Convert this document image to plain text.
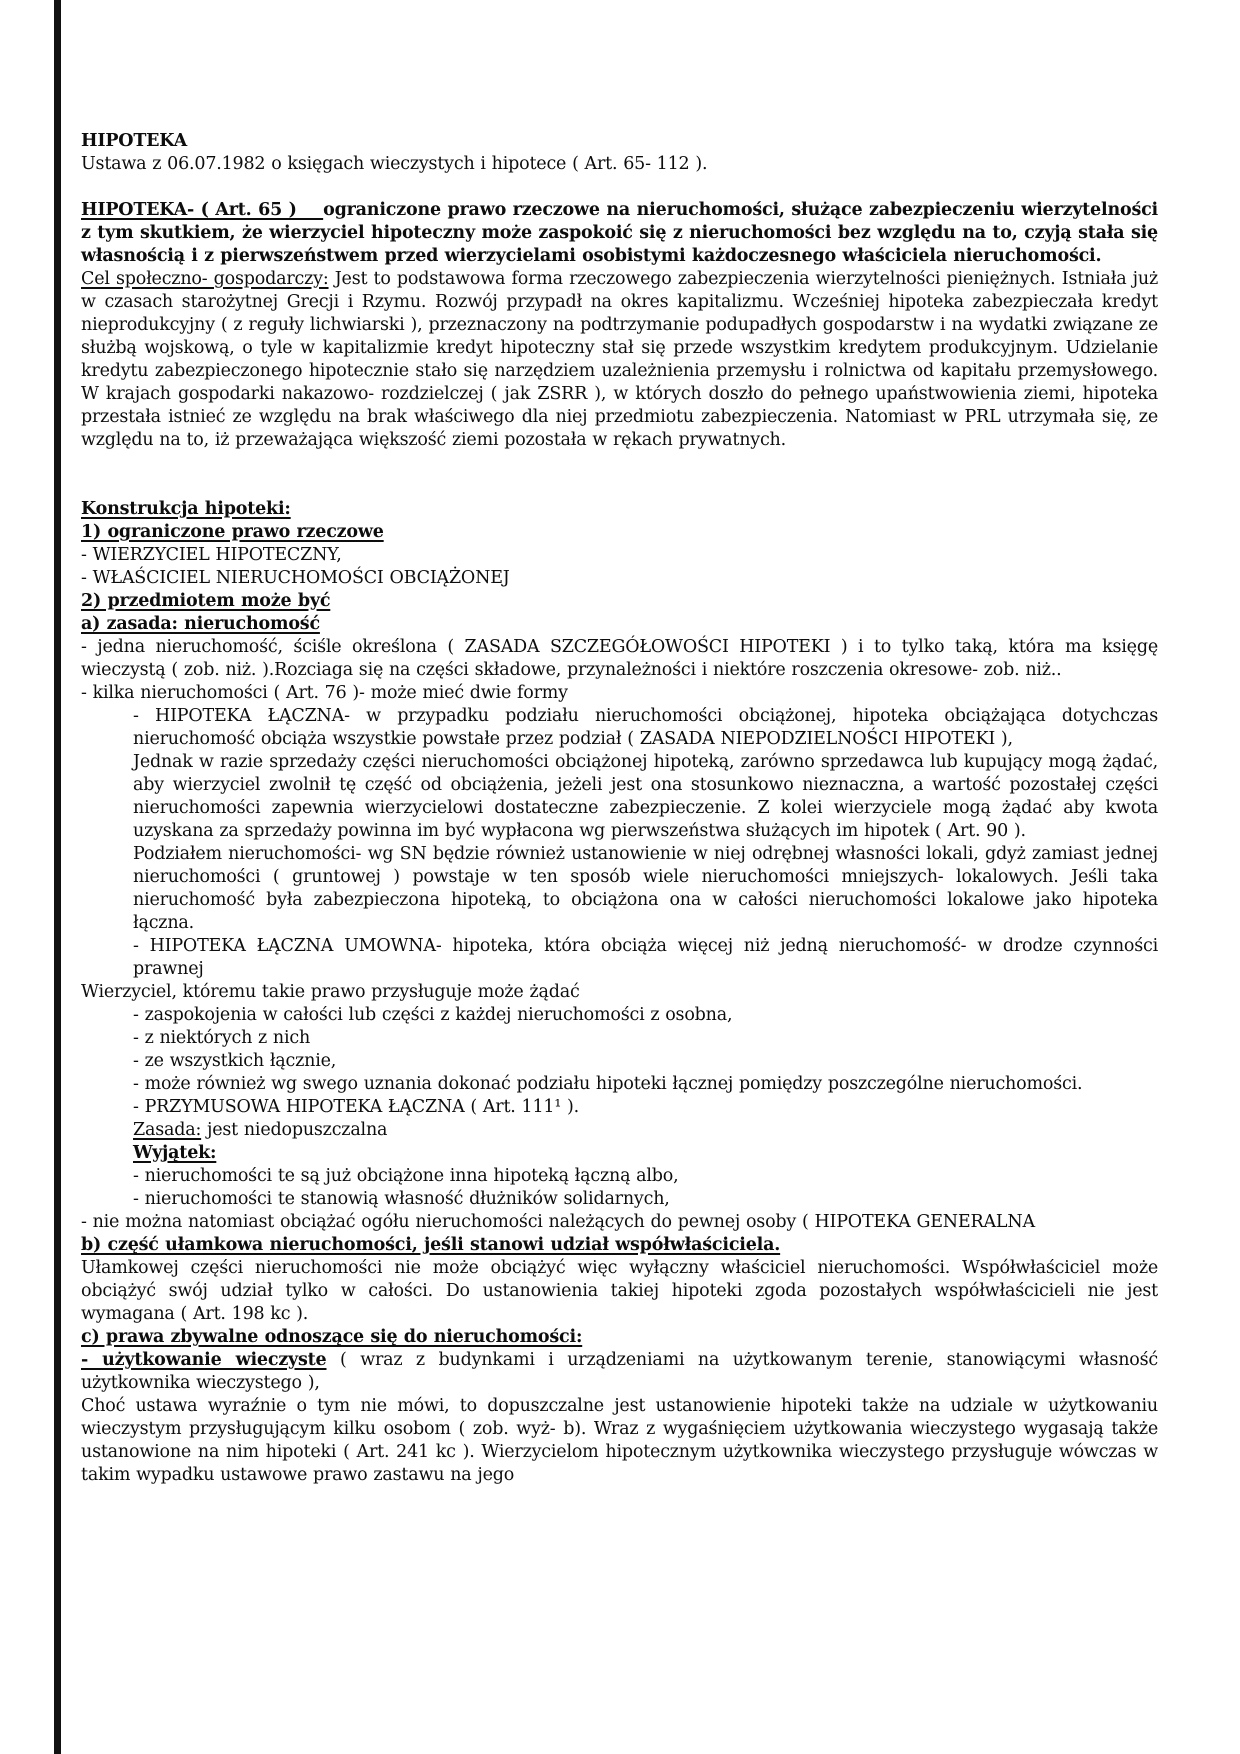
HIPOTEKA
Ustawa z 06.07.1982 o księgach wieczystych i hipotece ( Art. 65- 112 ).
HIPOTEKA- ( Art. 65 )    ograniczone prawo rzeczowe na nieruchomości, służące zabezpieczeniu wierzytelności z tym skutkiem, że wierzyciel hipoteczny może zaspokoić się z nieruchomości bez względu na to, czyją stała się własnością i z pierwszeństwem przed wierzycielami osobistymi każdoczesnego właściciela nieruchomości.
Cel społeczno- gospodarczy: Jest to podstawowa forma rzeczowego zabezpieczenia wierzytelności pieniężnych. Istniała już w czasach starożytnej Grecji i Rzymu. Rozwój przypadł na okres kapitalizmu. Wcześniej hipoteka zabezpieczała kredyt nieprodukcyjny ( z reguły lichwiarski ), przeznaczony na podtrzymanie podupadłych gospodarstw i na wydatki związane ze służbą wojskową, o tyle w kapitalizmie kredyt hipoteczny stał się przede wszystkim kredytem produkcyjnym. Udzielanie kredytu zabezpieczonego hipotecznie stało się narzędziem uzależnienia przemysłu i rolnictwa od kapitału przemysłowego. W krajach gospodarki nakazowo- rozdzielczej ( jak ZSRR ), w których doszło do pełnego upaństwowienia ziemi, hipoteka przestała istnieć ze względu na brak właściwego dla niej przedmiotu zabezpieczenia. Natomiast w PRL utrzymała się, ze względu na to, iż przeważająca większość ziemi pozostała w rękach prywatnych.
Konstrukcja hipoteki:
1) ograniczone prawo rzeczowe
- WIERZYCIEL HIPOTECZNY,
- WŁAŚCICIEL NIERUCHOMOŚCI OBCIĄŻONEJ
2) przedmiotem może być
a) zasada: nieruchomość
- jedna nieruchomość, ściśle określona ( ZASADA SZCZEGÓŁOWOŚCI HIPOTEKI ) i to tylko taką, która ma księgę wieczystą ( zob. niż. ).Rozciaga się na części składowe, przynależności i niektóre roszczenia okresowe- zob. niż..
- kilka nieruchomości ( Art. 76 )- może mieć dwie formy
- HIPOTEKA ŁĄCZNA- w przypadku podziału nieruchomości obciążonej, hipoteka obciążająca dotychczas nieruchomość obciąża wszystkie powstałe przez podział ( ZASADA NIEPODZIELNOŚCI HIPOTEKI ),
Jednak w razie sprzedaży części nieruchomości obciążonej hipoteką, zarówno sprzedawca lub kupujący mogą żądać, aby wierzyciel zwolnił tę część od obciążenia, jeżeli jest ona stosunkowo nieznaczna, a wartość pozostałej części nieruchomości zapewnia wierzycielowi dostateczne zabezpieczenie. Z kolei wierzyciele mogą żądać aby kwota uzyskana za sprzedaży powinna im być wypłacona wg pierwszeństwa służących im hipotek ( Art. 90 ).
Podziałem nieruchomości- wg SN będzie również ustanowienie w niej odrębnej własności lokali, gdyż zamiast jednej nieruchomości ( gruntowej ) powstaje w ten sposób wiele nieruchomości mniejszych- lokalowych. Jeśli taka nieruchomość była zabezpieczona hipoteką, to obciążona ona w całości nieruchomości lokalowe jako hipoteka łączna.
- HIPOTEKA ŁĄCZNA UMOWNA- hipoteka, która obciąża więcej niż jedną nieruchomość- w drodze czynności prawnej
Wierzyciel, któremu takie prawo przysługuje może żądać
- zaspokojenia w całości lub części z każdej nieruchomości z osobna,
- z niektórych z nich
- ze wszystkich łącznie,
- może również wg swego uznania dokonać podziału hipoteki łącznej pomiędzy poszczególne nieruchomości.
- PRZYMUSOWA HIPOTEKA ŁĄCZNA ( Art. 111¹ ).
Zasada: jest niedopuszczalna
Wyjątek:
- nieruchomości te są już obciążone inna hipoteką łączną albo,
- nieruchomości te stanowią własność dłużników solidarnych,
- nie można natomiast obciążać ogółu nieruchomości należących do pewnej osoby ( HIPOTEKA GENERALNA
b) część ułamkowa nieruchomości, jeśli stanowi udział współwłaściciela.
Ułamkowej części nieruchomości nie może obciążyć więc wyłączny właściciel nieruchomości. Współwłaściciel może obciążyć swój udział tylko w całości. Do ustanowienia takiej hipoteki zgoda pozostałych współwłaścicieli nie jest wymagana ( Art. 198 kc ).
c) prawa zbywalne odnoszące się do nieruchomości:
- użytkowanie wieczyste ( wraz z budynkami i urządzeniami na użytkowanym terenie, stanowiącymi własność użytkownika wieczystego ),
Choć ustawa wyraźnie o tym nie mówi, to dopuszczalne jest ustanowienie hipoteki także na udziale w użytkowaniu wieczystym przysługującym kilku osobom ( zob. wyż- b). Wraz z wygaśnięciem użytkowania wieczystego wygasają także ustanowione na nim hipoteki ( Art. 241 kc ). Wierzycielom hipotecznym użytkownika wieczystego przysługuje wówczas w takim wypadku ustawowe prawo zastawu na jego
